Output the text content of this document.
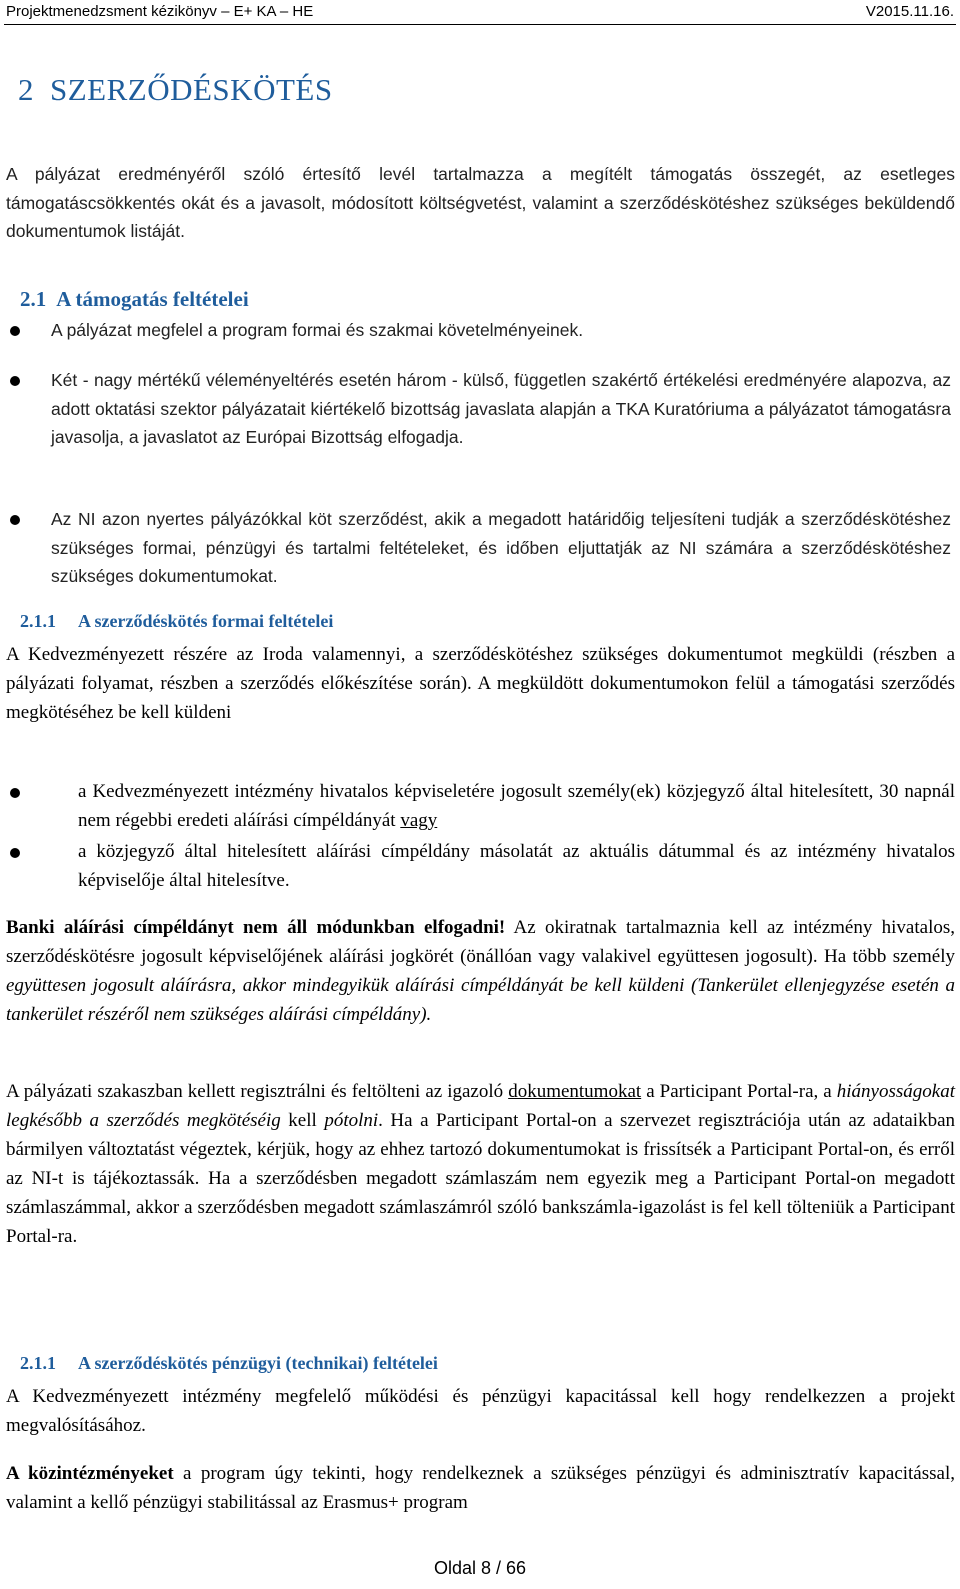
Projektmenedzsment kézikönyv – E+ KA – HE	V2015.11.16.
2 SZERZŐDÉSKÖTÉS
A pályázat eredményéről szóló értesítő levél tartalmazza a megítélt támogatás összegét, az esetleges támogatáscsökkentés okát és a javasolt, módosított költségvetést, valamint a szerződéskötéshez szükséges beküldendő dokumentumok listáját.
2.1 A támogatás feltételei
A pályázat megfelel a program formai és szakmai követelményeinek.
Két - nagy mértékű véleményeltérés esetén három - külső, független szakértő értékelési eredményére alapozva, az adott oktatási szektor pályázatait kiértékelő bizottság javaslata alapján a TKA Kuratóriuma a pályázatot támogatásra javasolja, a javaslatot az Európai Bizottság elfogadja.
Az NI azon nyertes pályázókkal köt szerződést, akik a megadott határidőig teljesíteni tudják a szerződéskötéshez szükséges formai, pénzügyi és tartalmi feltételeket, és időben eljuttatják az NI számára a szerződéskötéshez szükséges dokumentumokat.
2.1.1 A szerződéskötés formai feltételei
A Kedvezményezett részére az Iroda valamennyi, a szerződéskötéshez szükséges dokumentumot megküldi (részben a pályázati folyamat, részben a szerződés előkészítése során). A megküldött dokumentumokon felül a támogatási szerződés megkötéséhez be kell küldeni
a Kedvezményezett intézmény hivatalos képviseletére jogosult személy(ek) közjegyző által hitelesített, 30 napnál nem régebbi eredeti aláírási címpéldányát vagy
a közjegyző által hitelesített aláírási címpéldány másolatát az aktuális dátummal és az intézmény hivatalos képviselője által hitelesítve.
Banki aláírási címpéldányt nem áll módunkban elfogadni! Az okiratnak tartalmaznia kell az intézmény hivatalos, szerződéskötésre jogosult képviselőjének aláírási jogkörét (önállóan vagy valakivel együttesen jogosult). Ha több személy együttesen jogosult aláírásra, akkor mindegyikük aláírási címpéldányát be kell küldeni (Tankerület ellenjegyzése esetén a tankerület részéről nem szükséges aláírási címpéldány).
A pályázati szakaszban kellett regisztrálni és feltölteni az igazoló dokumentumokat a Participant Portal-ra, a hiányosságokat legkésőbb a szerződés megkötéséig kell pótolni. Ha a Participant Portal-on a szervezet regisztrációja után az adataikban bármilyen változtatást végeztek, kérjük, hogy az ehhez tartozó dokumentumokat is frissítsék a Participant Portal-on, és erről az NI-t is tájékoztassák. Ha a szerződésben megadott számlaszám nem egyezik meg a Participant Portal-on megadott számlaszámmal, akkor a szerződésben megadott számlaszámról szóló bankszámla-igazolást is fel kell tölteniük a Participant Portal-ra.
2.1.1 A szerződéskötés pénzügyi (technikai) feltételei
A Kedvezményezett intézmény megfelelő működési és pénzügyi kapacitással kell hogy rendelkezzen a projekt megvalósításához.
A közintézményeket a program úgy tekinti, hogy rendelkeznek a szükséges pénzügyi és adminisztratív kapacitással, valamint a kellő pénzügyi stabilitással az Erasmus+ program
Oldal 8 / 66
